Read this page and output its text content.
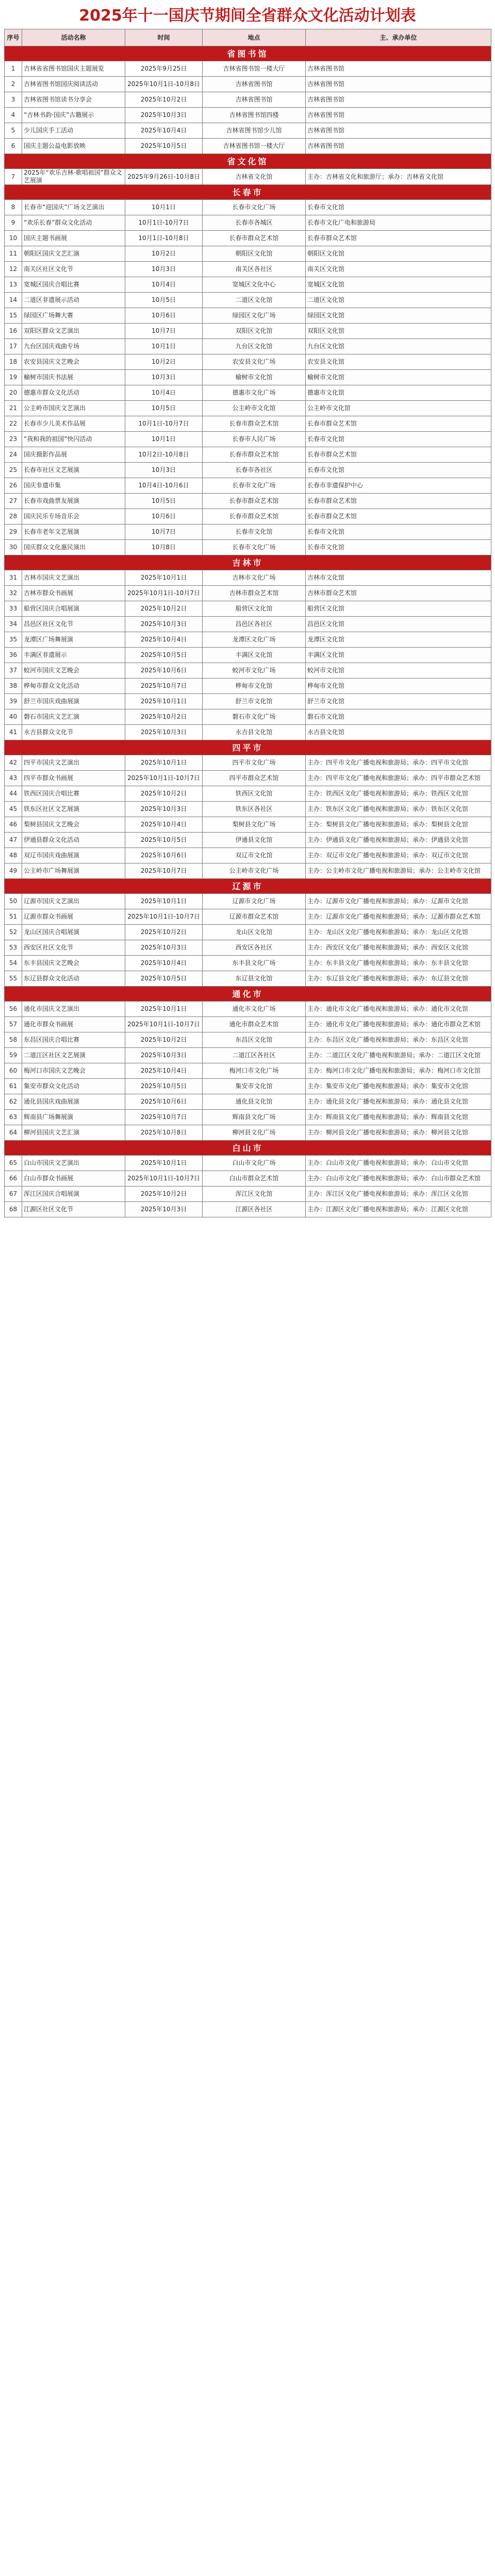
2025年十一国庆节期间全省群众文化活动计划表
序号	活动名称	时间	地点	主、承办单位
省图书馆				
1	吉林省省图书馆国庆主题展览	2025年9月25日	吉林省图书馆一楼大厅	吉林省图书馆
2	吉林省图书馆国庆阅读活动	2025年10月1日-10月8日	吉林省图书馆	吉林省图书馆
3	吉林省图书馆读书分享会	2025年10月2日	吉林省图书馆	吉林省图书馆
4	“吉林书韵·国庆”古籍展示	2025年10月3日	吉林省图书馆四楼	吉林省图书馆
5	少儿国庆手工活动	2025年10月4日	吉林省图书馆少儿馆	吉林省图书馆
6	国庆主题公益电影放映	2025年10月5日	吉林省图书馆一楼大厅	吉林省图书馆
省文化馆				
7	2025年“欢乐吉林·歌唱祖国”群众文艺展演	2025年9月26日-10月8日	吉林省文化馆	主办：吉林省文化和旅游厅；承办：吉林省文化馆
长春市				
8	长春市“迎国庆”广场文艺演出	10月1日	长春市文化广场	长春市文化馆
9	“欢乐长春”群众文化活动	10月1日-10月7日	长春市各城区	长春市文化广电和旅游局
10	国庆主题书画展	10月1日-10月8日	长春市群众艺术馆	长春市群众艺术馆
11	朝阳区国庆文艺汇演	10月2日	朝阳区文化馆	朝阳区文化馆
12	南关区社区文化节	10月3日	南关区各社区	南关区文化馆
13	宽城区国庆合唱比赛	10月4日	宽城区文化中心	宽城区文化馆
14	二道区非遗展示活动	10月5日	二道区文化馆	二道区文化馆
15	绿园区广场舞大赛	10月6日	绿园区文化广场	绿园区文化馆
16	双阳区群众文艺演出	10月7日	双阳区文化馆	双阳区文化馆
17	九台区国庆戏曲专场	10月1日	九台区文化馆	九台区文化馆
18	农安县国庆文艺晚会	10月2日	农安县文化广场	农安县文化馆
19	榆树市国庆书法展	10月3日	榆树市文化馆	榆树市文化馆
20	德惠市群众文化活动	10月4日	德惠市文化广场	德惠市文化馆
21	公主岭市国庆文艺演出	10月5日	公主岭市文化馆	公主岭市文化馆
22	长春市少儿美术作品展	10月1日-10月7日	长春市群众艺术馆	长春市群众艺术馆
23	“我和我的祖国”快闪活动	10月1日	长春市人民广场	长春市文化馆
24	国庆摄影作品展	10月2日-10月8日	长春市群众艺术馆	长春市群众艺术馆
25	长春市社区文艺展演	10月3日	长春市各社区	长春市文化馆
26	国庆非遗市集	10月4日-10月6日	长春市文化广场	长春市非遗保护中心
27	长春市戏曲票友展演	10月5日	长春市群众艺术馆	长春市群众艺术馆
28	国庆民乐专场音乐会	10月6日	长春市群众艺术馆	长春市群众艺术馆
29	长春市老年文艺展演	10月7日	长春市文化馆	长春市文化馆
30	国庆群众文化惠民演出	10月8日	长春市文化广场	长春市文化馆
吉林市				
31	吉林市国庆文艺演出	2025年10月1日	吉林市文化广场	吉林市文化馆
32	吉林市群众书画展	2025年10月1日-10月7日	吉林市群众艺术馆	吉林市群众艺术馆
33	船营区国庆合唱展演	2025年10月2日	船营区文化馆	船营区文化馆
34	昌邑区社区文化节	2025年10月3日	昌邑区各社区	昌邑区文化馆
35	龙潭区广场舞展演	2025年10月4日	龙潭区文化广场	龙潭区文化馆
36	丰满区非遗展示	2025年10月5日	丰满区文化馆	丰满区文化馆
37	蛟河市国庆文艺晚会	2025年10月6日	蛟河市文化广场	蛟河市文化馆
38	桦甸市群众文化活动	2025年10月7日	桦甸市文化馆	桦甸市文化馆
39	舒兰市国庆戏曲展演	2025年10月1日	舒兰市文化馆	舒兰市文化馆
40	磐石市国庆文艺汇演	2025年10月2日	磐石市文化广场	磐石市文化馆
41	永吉县群众文化节	2025年10月3日	永吉县文化馆	永吉县文化馆
四平市				
42	四平市国庆文艺演出	2025年10月1日	四平市文化广场	主办：四平市文化广播电视和旅游局；承办：四平市文化馆
43	四平市群众书画展	2025年10月1日-10月7日	四平市群众艺术馆	主办：四平市文化广播电视和旅游局；承办：四平市群众艺术馆
44	铁西区国庆合唱比赛	2025年10月2日	铁西区文化馆	主办：铁西区文化广播电视和旅游局；承办：铁西区文化馆
45	铁东区社区文艺展演	2025年10月3日	铁东区各社区	主办：铁东区文化广播电视和旅游局；承办：铁东区文化馆
46	梨树县国庆文艺晚会	2025年10月4日	梨树县文化广场	主办：梨树县文化广播电视和旅游局；承办：梨树县文化馆
47	伊通县群众文化活动	2025年10月5日	伊通县文化馆	主办：伊通县文化广播电视和旅游局；承办：伊通县文化馆
48	双辽市国庆戏曲展演	2025年10月6日	双辽市文化馆	主办：双辽市文化广播电视和旅游局；承办：双辽市文化馆
49	公主岭市广场舞展演	2025年10月7日	公主岭市文化广场	主办：公主岭市文化广播电视和旅游局；承办：公主岭市文化馆
辽源市				
50	辽源市国庆文艺演出	2025年10月1日	辽源市文化广场	主办：辽源市文化广播电视和旅游局；承办：辽源市文化馆
51	辽源市群众书画展	2025年10月1日-10月7日	辽源市群众艺术馆	主办：辽源市文化广播电视和旅游局；承办：辽源市群众艺术馆
52	龙山区国庆合唱展演	2025年10月2日	龙山区文化馆	主办：龙山区文化广播电视和旅游局；承办：龙山区文化馆
53	西安区社区文化节	2025年10月3日	西安区各社区	主办：西安区文化广播电视和旅游局；承办：西安区文化馆
54	东丰县国庆文艺晚会	2025年10月4日	东丰县文化广场	主办：东丰县文化广播电视和旅游局；承办：东丰县文化馆
55	东辽县群众文化活动	2025年10月5日	东辽县文化馆	主办：东辽县文化广播电视和旅游局；承办：东辽县文化馆
通化市				
56	通化市国庆文艺演出	2025年10月1日	通化市文化广场	主办：通化市文化广播电视和旅游局；承办：通化市文化馆
57	通化市群众书画展	2025年10月1日-10月7日	通化市群众艺术馆	主办：通化市文化广播电视和旅游局；承办：通化市群众艺术馆
58	东昌区国庆合唱比赛	2025年10月2日	东昌区文化馆	主办：东昌区文化广播电视和旅游局；承办：东昌区文化馆
59	二道江区社区文艺展演	2025年10月3日	二道江区各社区	主办：二道江区文化广播电视和旅游局；承办：二道江区文化馆
60	梅河口市国庆文艺晚会	2025年10月4日	梅河口市文化广场	主办：梅河口市文化广播电视和旅游局；承办：梅河口市文化馆
61	集安市群众文化活动	2025年10月5日	集安市文化馆	主办：集安市文化广播电视和旅游局；承办：集安市文化馆
62	通化县国庆戏曲展演	2025年10月6日	通化县文化馆	主办：通化县文化广播电视和旅游局；承办：通化县文化馆
63	辉南县广场舞展演	2025年10月7日	辉南县文化广场	主办：辉南县文化广播电视和旅游局；承办：辉南县文化馆
64	柳河县国庆文艺汇演	2025年10月8日	柳河县文化广场	主办：柳河县文化广播电视和旅游局；承办：柳河县文化馆
白山市				
65	白山市国庆文艺演出	2025年10月1日	白山市文化广场	主办：白山市文化广播电视和旅游局；承办：白山市文化馆
66	白山市群众书画展	2025年10月1日-10月7日	白山市群众艺术馆	主办：白山市文化广播电视和旅游局；承办：白山市群众艺术馆
67	浑江区国庆合唱展演	2025年10月2日	浑江区文化馆	主办：浑江区文化广播电视和旅游局；承办：浑江区文化馆
68	江源区社区文化节	2025年10月3日	江源区各社区	主办：江源区文化广播电视和旅游局；承办：江源区文化馆
